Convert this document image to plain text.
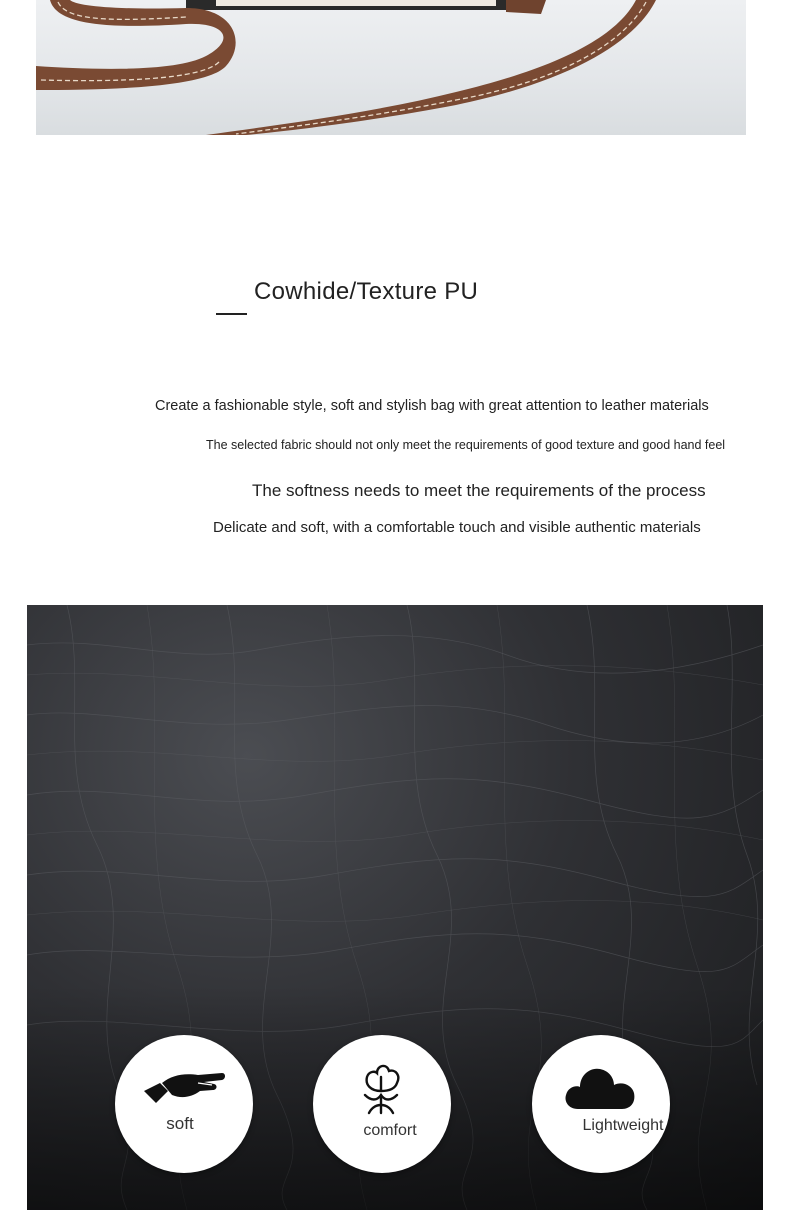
Cowhide/Texture PU
Create a fashionable style, soft and stylish bag with great attention to leather materials
The selected fabric should not only meet the requirements of good texture and good hand feel
The softness needs to meet the requirements of the process
Delicate and soft, with a comfortable touch and visible authentic materials
soft	comfort	Lightweight
